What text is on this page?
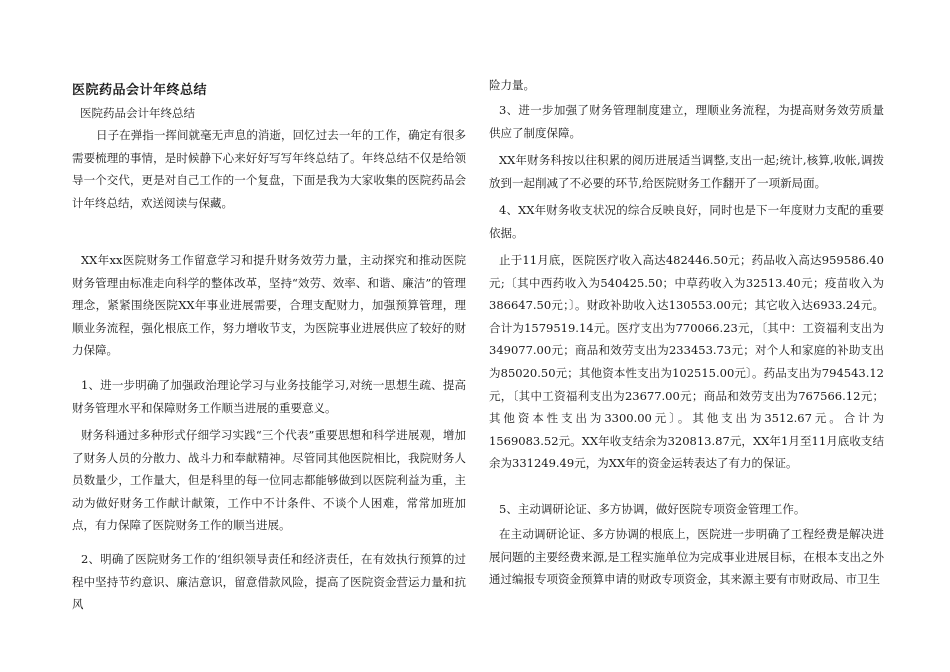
医院药品会计年终总结
医院药品会计年终总结

日子在弹指一挥间就毫无声息的消逝，回忆过去一年的工作，确定有很多需要梳理的事情，是时候静下心来好好写写年终总结了。年终总结不仅是给领导一个交代，更是对自己工作的一个复盘，下面是我为大家收集的医院药品会计年终总结，欢送阅读与保藏。

XX年xx医院财务工作留意学习和提升财务效劳力量，主动探究和推动医院财务管理由标准走向科学的整体改革，坚持“效劳、效率、和谐、廉洁”的管理理念，紧紧围绕医院XX年事业进展需要，合理支配财力，加强预算管理，理顺业务流程，强化根底工作，努力增收节支，为医院事业进展供应了较好的财力保障。

1、进一步明确了加强政治理论学习与业务技能学习,对统一思想生疏、提高财务管理水平和保障财务工作顺当进展的重要意义。

财务科通过多种形式仔细学习实践“三个代表”重要思想和科学进展观，增加了财务人员的分散力、战斗力和奉献精神。尽管同其他医院相比，我院财务人员数量少，工作量大，但是科里的每一位同志都能够做到以医院利益为重，主动为做好财务工作献计献策，工作中不计条件、不谈个人困难，常常加班加点，有力保障了医院财务工作的顺当进展。

2、明确了医院财务工作的‘组织领导责任和经济责任，在有效执行预算的过程中坚持节约意识、廉洁意识，留意借款风险，提高了医院资金营运力量和抗风

险力量。

3、进一步加强了财务管理制度建立，理顺业务流程，为提高财务效劳质量供应了制度保障。

XX年财务科按以往积累的阅历进展适当调整,支出一起;统计,核算,收帐,调拨放到一起削减了不必要的环节,给医院财务工作翻开了一项新局面。

4、XX年财务收支状况的综合反映良好，同时也是下一年度财力支配的重要依据。

止于11月底，医院医疗收入高达482446.50元；药品收入高达959586.40元;〔其中西药收入为540425.50；中草药收入为32513.40元；疫苗收入为386647.50元；〕。财政补助收入达130553.00元；其它收入达6933.24元。合计为1579519.14元。医疗支出为770066.23元，〔其中：工资福利支出为349077.00元；商品和效劳支出为233453.73元；对个人和家庭的补助支出为85020.50元；其他资本性支出为102515.00元〕。药品支出为794543.12元，〔其中工资福利支出为23677.00元；商品和效劳支出为767566.12元；其他资本性支出为3300.00元〕。其他支出为3512.67元。合计为1569083.52元。XX年收支结余为320813.87元，XX年1月至11月底收支结余为331249.49元，为XX年的资金运转表达了有力的保证。

5、主动调研论证、多方协调，做好医院专项资金管理工作。

在主动调研论证、多方协调的根底上，医院进一步明确了工程经费是解决进展问题的主要经费来源,是工程实施单位为完成事业进展目标，在根本支出之外通过编报专项资金预算申请的财政专项资金，其来源主要有市财政局、市卫生
